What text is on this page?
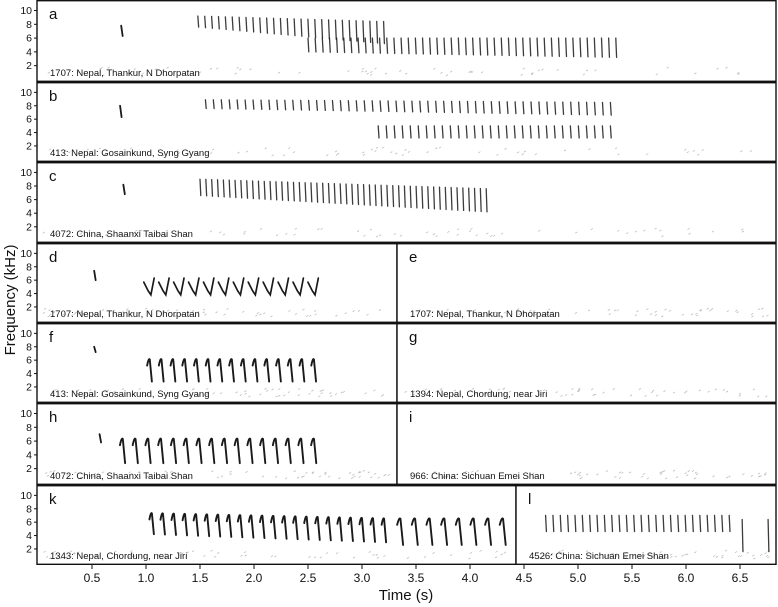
a
1707: Nepal, Thankur, N Dhorpatan
2
4
6
8
10
b
413: Nepal: Gosainkund, Syng Gyang
2
4
6
8
10
c
4072: China, Shaanxi Taibai Shan
2
4
6
8
10
d
1707: Nepal, Thankur, N Dhorpatan
2
4
6
8
10	e
1707: Nepal, Thankur, N Dhorpatan
f
413: Nepal: Gosainkund, Syng Gyang
2
4
6
8
10	g
1394: Nepal, Chordung, near Jiri
h
4072: China, Shaanxi Taibai Shan
2
4
6
8
10	i
966: China: Sichuan Emei Shan
k
1343: Nepal, Chordung, near Jiri
2
4
6
8
10	l
4526: China: Sichuan Emei Shan
0.5	1.0	1.5	2.0	2.5	3.0	3.5	4.0	4.5	5.0	5.5	6.0	6.5
Frequency (kHz)
Time (s)
